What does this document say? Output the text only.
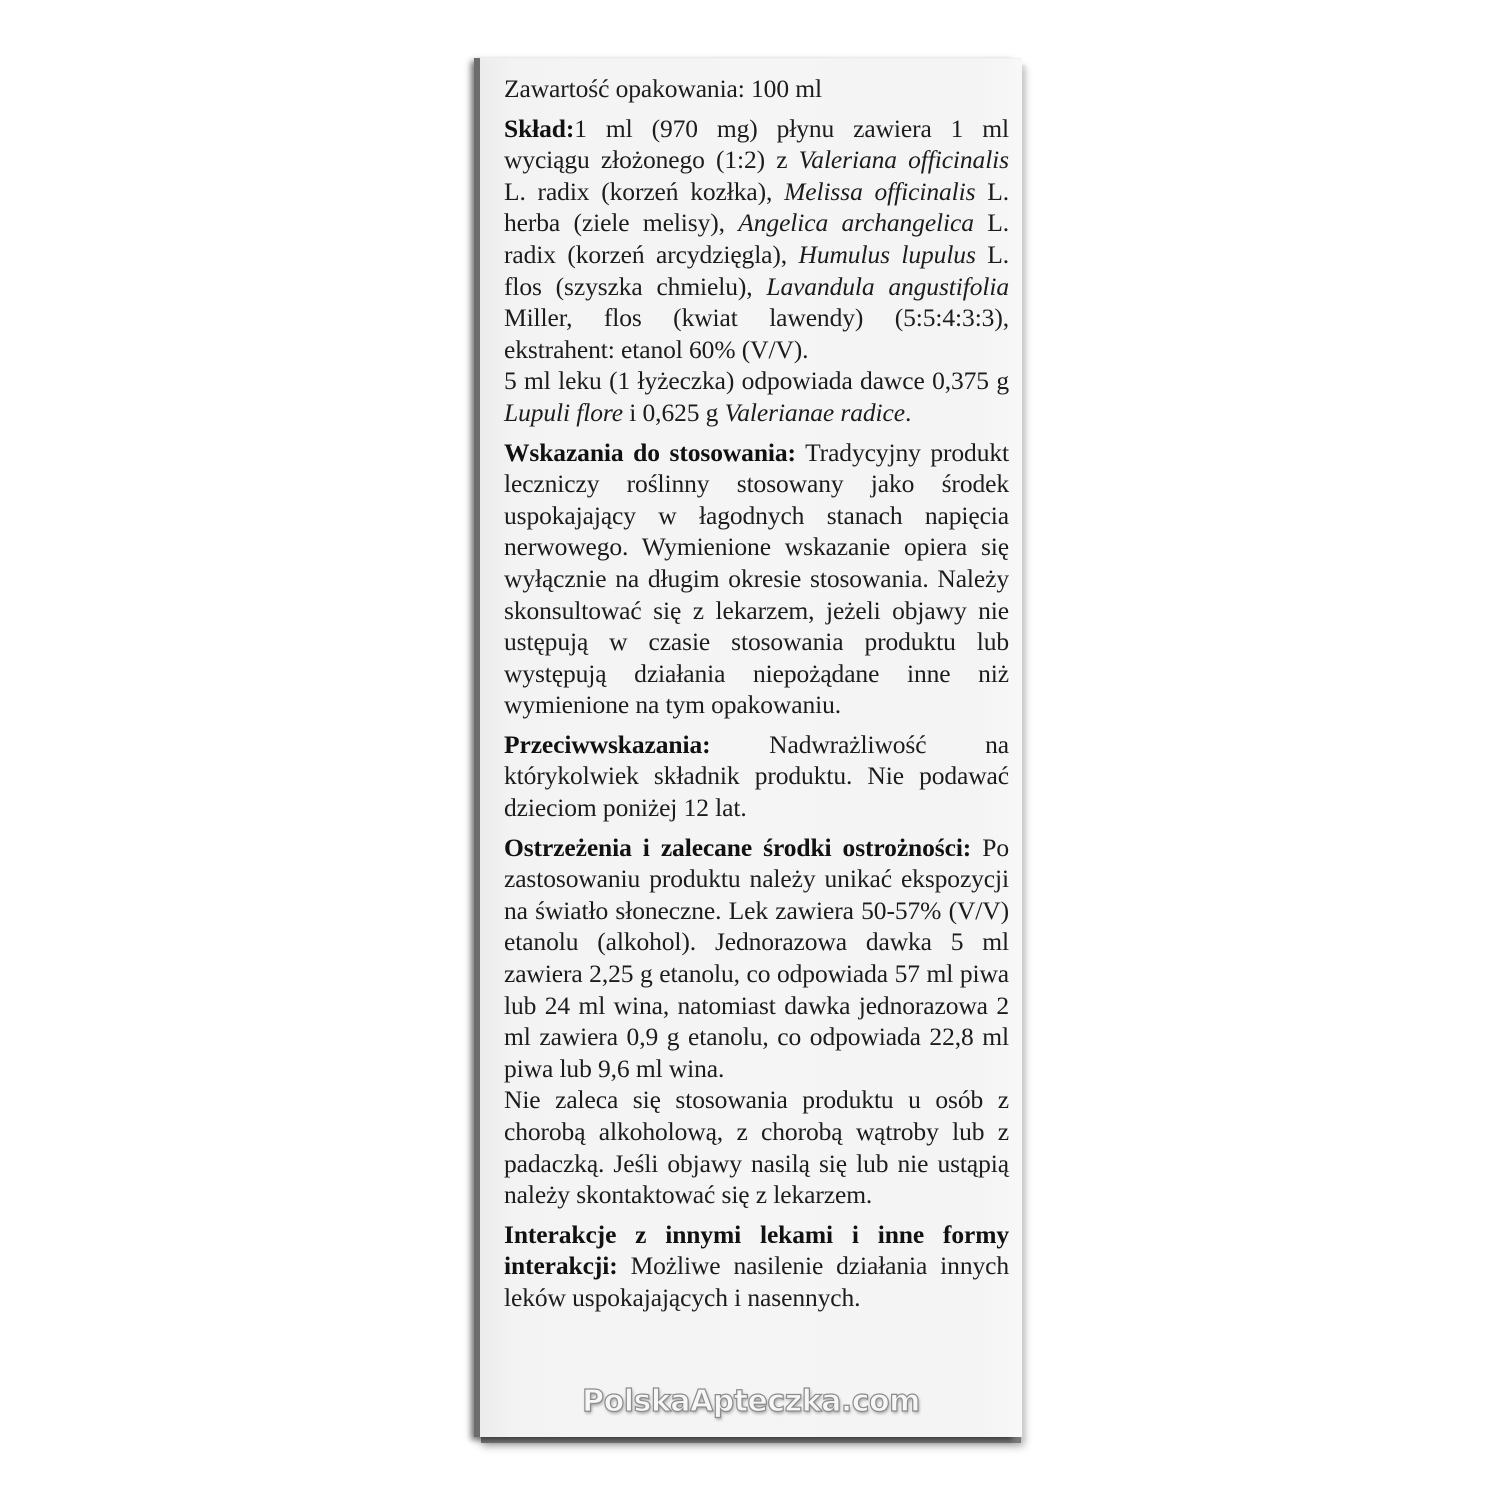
Zawartość opakowania: 100 ml

Skład:1 ml (970 mg) płynu zawiera 1 ml wyciągu złożonego (1:2) z Valeriana officinalis L. radix (korzeń kozłka), Melissa officinalis L. herba (ziele melisy), Angelica archangelica L. radix (korzeń arcydzięgla), Humulus lupulus L. flos (szyszka chmielu), Lavandula angustifolia Miller, flos (kwiat lawendy) (5:5:4:3:3), ekstrahent: etanol 60% (V/V).

5 ml leku (1 łyżeczka) odpowiada dawce 0,375 g Lupuli flore i 0,625 g Valerianae radice.

Wskazania do stosowania: Tradycyjny produkt leczniczy roślinny stosowany jako środek uspokajający w łagodnych stanach napięcia nerwowego. Wymienione wskazanie opiera się wyłącznie na długim okresie stosowania. Należy skonsultować się z lekarzem, jeżeli objawy nie ustępują w czasie stosowania produktu lub występują działania niepożądane inne niż wymienione na tym opakowaniu.

Przeciwwskazania: Nadwrażliwość na którykolwiek składnik produktu. Nie podawać dzieciom poniżej 12 lat.

Ostrzeżenia i zalecane środki ostrożności: Po zastosowaniu produktu należy unikać ekspozycji na światło słoneczne. Lek zawiera 50-57% (V/V) etanolu (alkohol). Jednorazowa dawka 5 ml zawiera 2,25 g etanolu, co odpowiada 57 ml piwa lub 24 ml wina, natomiast dawka jednorazowa 2 ml zawiera 0,9 g etanolu, co odpowiada 22,8 ml piwa lub 9,6 ml wina.

Nie zaleca się stosowania produktu u osób z chorobą alkoholową, z chorobą wątroby lub z padaczką. Jeśli objawy nasilą się lub nie ustąpią należy skontaktować się z lekarzem.

Interakcje z innymi lekami i inne formy interakcji: Możliwe nasilenie działania innych leków uspokajających i nasennych.

PolskaApteczka.com
